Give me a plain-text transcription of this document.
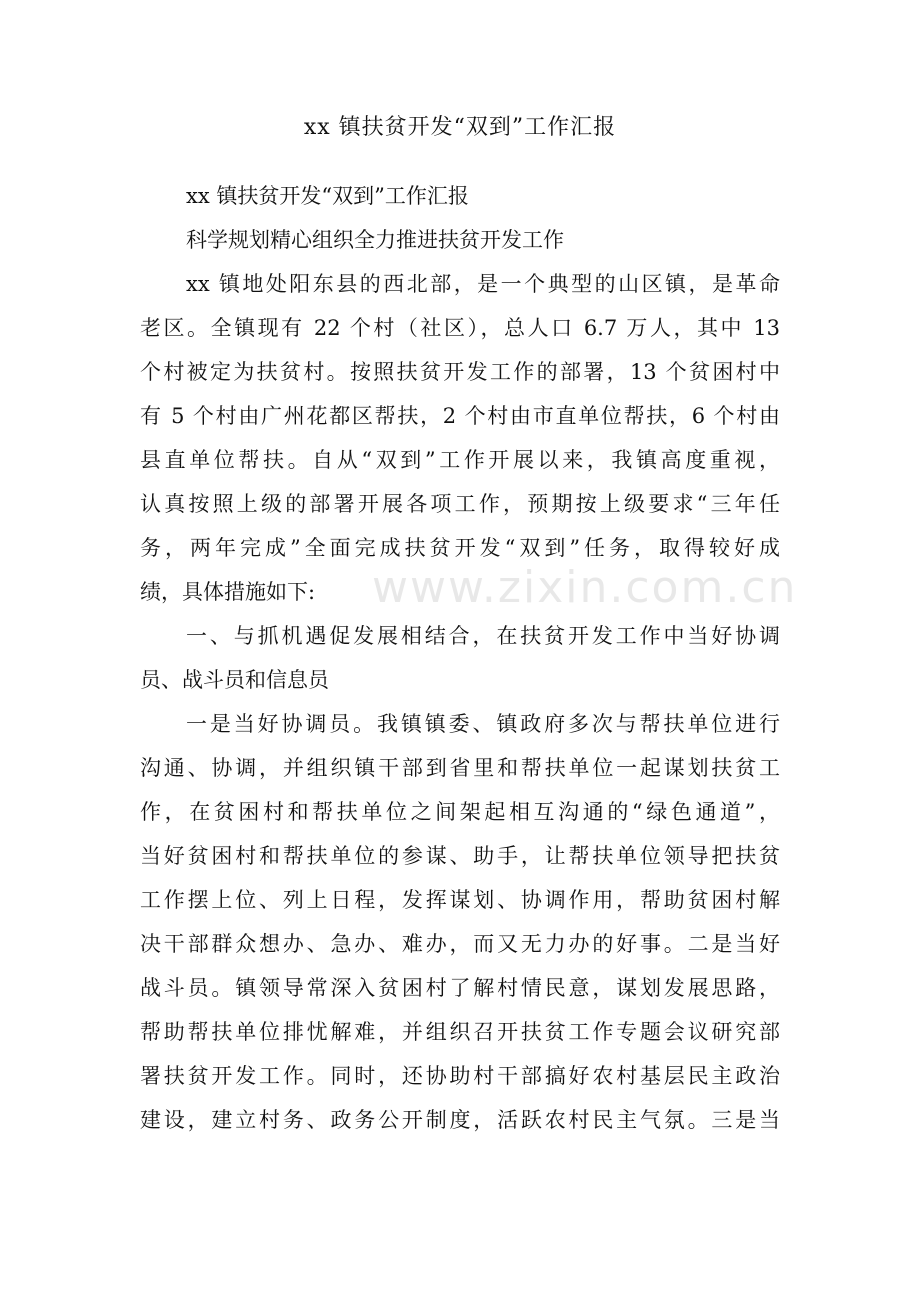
xx 镇扶贫开发“双到”工作汇报
xx 镇扶贫开发“双到”工作汇报
科学规划精心组织全力推进扶贫开发工作
xx 镇地处阳东县的西北部，是一个典型的山区镇，是革命
老区。全镇现有 22 个村（社区），总人口 6.7 万人，其中 13
个村被定为扶贫村。按照扶贫开发工作的部署，13 个贫困村中
有 5 个村由广州花都区帮扶，2 个村由市直单位帮扶，6 个村由
县直单位帮扶。自从“双到”工作开展以来，我镇高度重视，
认真按照上级的部署开展各项工作，预期按上级要求“三年任
务，两年完成”全面完成扶贫开发“双到”任务，取得较好成
绩，具体措施如下:	www.zixin.com.cn
一、与抓机遇促发展相结合，在扶贫开发工作中当好协调
员、战斗员和信息员
一是当好协调员。我镇镇委、镇政府多次与帮扶单位进行
沟通、协调，并组织镇干部到省里和帮扶单位一起谋划扶贫工
作，在贫困村和帮扶单位之间架起相互沟通的“绿色通道”，
当好贫困村和帮扶单位的参谋、助手，让帮扶单位领导把扶贫
工作摆上位、列上日程，发挥谋划、协调作用，帮助贫困村解
决干部群众想办、急办、难办，而又无力办的好事。二是当好
战斗员。镇领导常深入贫困村了解村情民意，谋划发展思路，
帮助帮扶单位排忧解难，并组织召开扶贫工作专题会议研究部
署扶贫开发工作。同时，还协助村干部搞好农村基层民主政治
建设，建立村务、政务公开制度，活跃农村民主气氛。三是当
